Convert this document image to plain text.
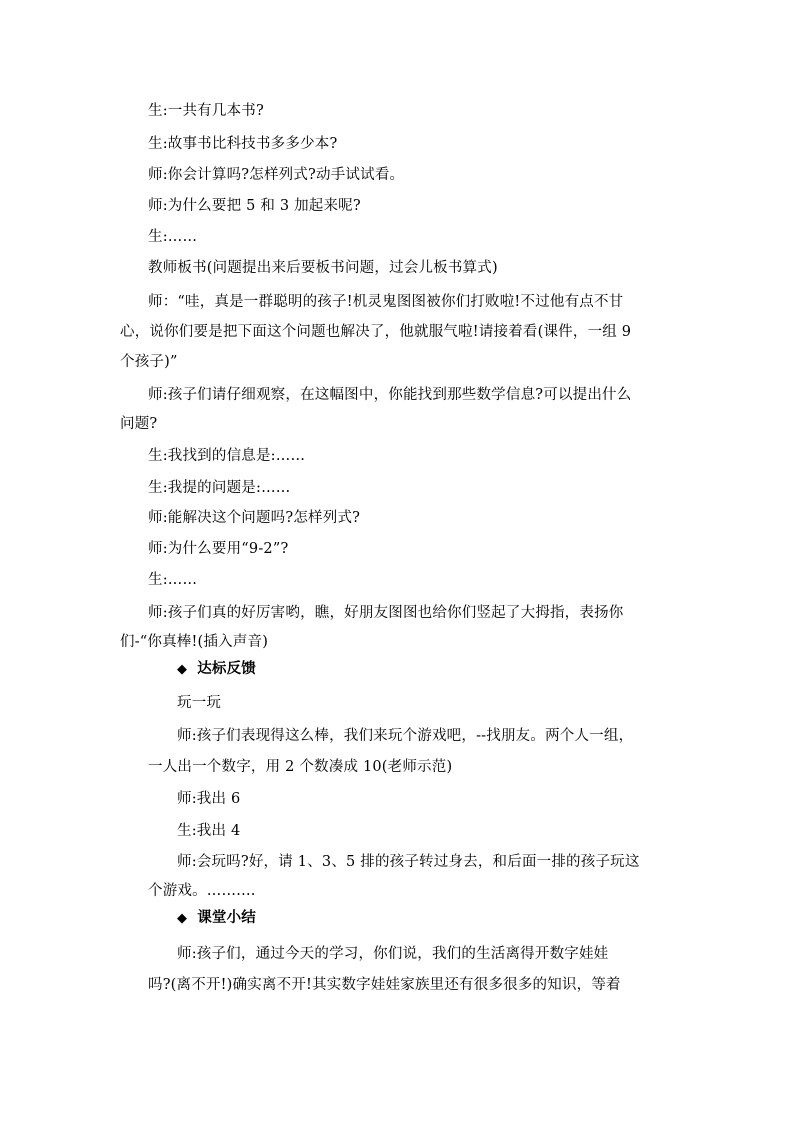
生:一共有几本书?
生:故事书比科技书多多少本?
师:你会计算吗?怎样列式?动手试试看。
师:为什么要把 5 和 3 加起来呢?
生:……
教师板书(问题提出来后要板书问题，过会儿板书算式)
师：“哇，真是一群聪明的孩子!机灵鬼图图被你们打败啦!不过他有点不甘
心，说你们要是把下面这个问题也解决了，他就服气啦!请接着看(课件，一组 9
个孩子)”
师:孩子们请仔细观察，在这幅图中，你能找到那些数学信息?可以提出什么
问题?
生:我找到的信息是:……
生:我提的问题是:……
师:能解决这个问题吗?怎样列式?
师:为什么要用“9-2”?
生:……
师:孩子们真的好厉害哟，瞧，好朋友图图也给你们竖起了大拇指，表扬你
们-“你真棒!(插入声音)
◆ 达标反馈
玩一玩
师:孩子们表现得这么棒，我们来玩个游戏吧，--找朋友。两个人一组，
一人出一个数字，用 2 个数凑成 10(老师示范)
师:我出 6
生:我出 4
师:会玩吗?好，请 1、3、5 排的孩子转过身去，和后面一排的孩子玩这
个游戏。…….…
◆ 课堂小结
师:孩子们，通过今天的学习，你们说，我们的生活离得开数字娃娃
吗?(离不开!)确实离不开!其实数字娃娃家族里还有很多很多的知识，等着
